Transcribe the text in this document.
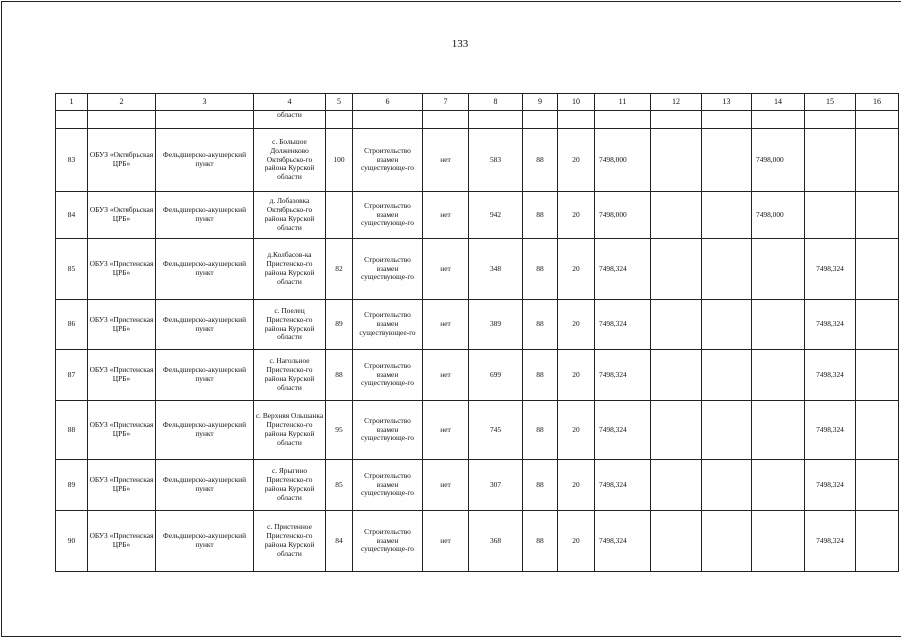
133
1	2	3	4	5	6	7	8	9	10	11	12	13	14	15	16
			области												
83	ОБУЗ «Октябрьская ЦРБ»	Фельдшерско-акушерский пункт	с. Большое Долженково Октябрьско-го района Курской области	100	Строительство взамен существующе-го	нет	583	88	20	7498,000			7498,000		
84	ОБУЗ «Октябрьская ЦРБ»	Фельдшерско-акушерский пункт	д. Лобазовка Октябрьско-го района Курской области		Строительство взамен существующе-го	нет	942	88	20	7498,000			7498,000		
85	ОБУЗ «Пристенская ЦРБ»	Фельдшерско-акушерский пункт	д.Колбасов-ка Пристенско-го района Курской области	82	Строительство взамен существующе-го	нет	348	88	20	7498,324				7498,324	
86	ОБУЗ «Пристенская ЦРБ»	Фельдшерско-акушерский пункт	с. Поелец Пристенско-го района Курской области	89	Строительство взамен существующее-го	нет	389	88	20	7498,324				7498,324	
87	ОБУЗ «Пристенская ЦРБ»	Фельдшерско-акушерский пункт	с. Нагольное Пристенско-го района Курской области	88	Строительство взамен существующе-го	нет	699	88	20	7498,324				7498,324	
88	ОБУЗ «Пристенская ЦРБ»	Фельдшерско-акушерский пункт	с. Верхняя Ольшанка Пристенско-го района Курской области	95	Строительство взамен существующе-го	нет	745	88	20	7498,324				7498,324	
89	ОБУЗ «Пристенская ЦРБ»	Фельдшерско-акушерский пункт	с. Ярыгино Пристенско-го района Курской области	85	Строительство взамен существующе-го	нет	307	88	20	7498,324				7498,324	
90	ОБУЗ «Пристенская ЦРБ»	Фельдшерско-акушерский пункт	с. Пристенное Пристенско-го района Курской области	84	Строительство взамен существующе-го	нет	368	88	20	7498,324				7498,324	
